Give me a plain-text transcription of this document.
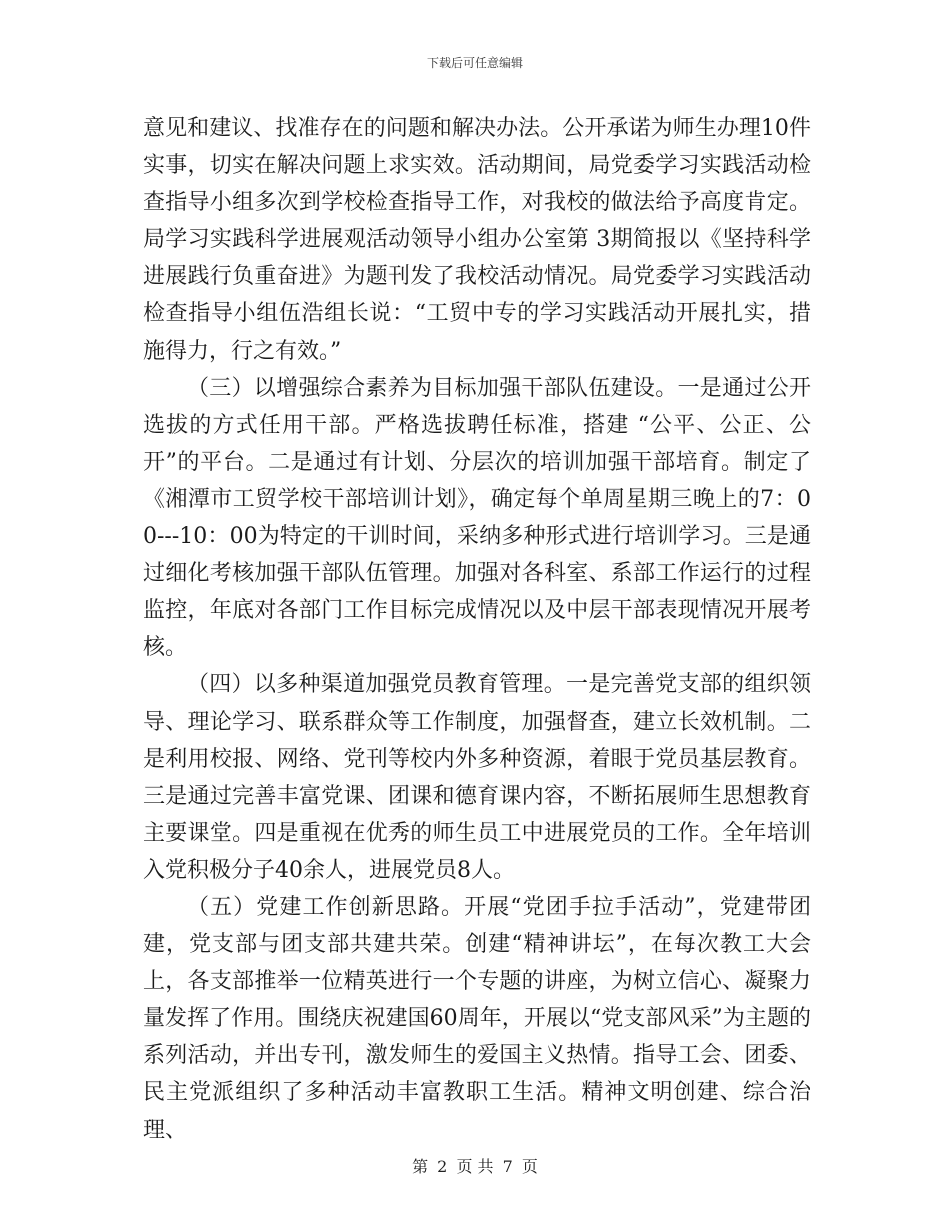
下载后可任意编辑

意见和建议、找准存在的问题和解决办法。公开承诺为师生办理10件实事，切实在解决问题上求实效。活动期间，局党委学习实践活动检查指导小组多次到学校检查指导工作，对我校的做法给予高度肯定。局学习实践科学进展观活动领导小组办公室第 3期简报以《坚持科学进展践行负重奋进》为题刊发了我校活动情况。局党委学习实践活动检查指导小组伍浩组长说：“工贸中专的学习实践活动开展扎实，措施得力，行之有效。”

（三）以增强综合素养为目标加强干部队伍建设。一是通过公开选拔的方式任用干部。严格选拔聘任标准，搭建 “公平、公正、公开”的平台。二是通过有计划、分层次的培训加强干部培育。制定了《湘潭市工贸学校干部培训计划》，确定每个单周星期三晚上的7：00---10：00为特定的干训时间，采纳多种形式进行培训学习。三是通过细化考核加强干部队伍管理。加强对各科室、系部工作运行的过程监控，年底对各部门工作目标完成情况以及中层干部表现情况开展考核。

（四）以多种渠道加强党员教育管理。一是完善党支部的组织领导、理论学习、联系群众等工作制度，加强督查，建立长效机制。二是利用校报、网络、党刊等校内外多种资源，着眼于党员基层教育。三是通过完善丰富党课、团课和德育课内容，不断拓展师生思想教育主要课堂。四是重视在优秀的师生员工中进展党员的工作。全年培训入党积极分子40余人，进展党员8人。

（五）党建工作创新思路。开展“党团手拉手活动”，党建带团建，党支部与团支部共建共荣。创建“精神讲坛”，在每次教工大会上，各支部推举一位精英进行一个专题的讲座，为树立信心、凝聚力量发挥了作用。围绕庆祝建国60周年，开展以“党支部风采”为主题的系列活动，并出专刊，激发师生的爱国主义热情。指导工会、团委、民主党派组织了多种活动丰富教职工生活。精神文明创建、综合治理、

第 2 页 共 7 页
